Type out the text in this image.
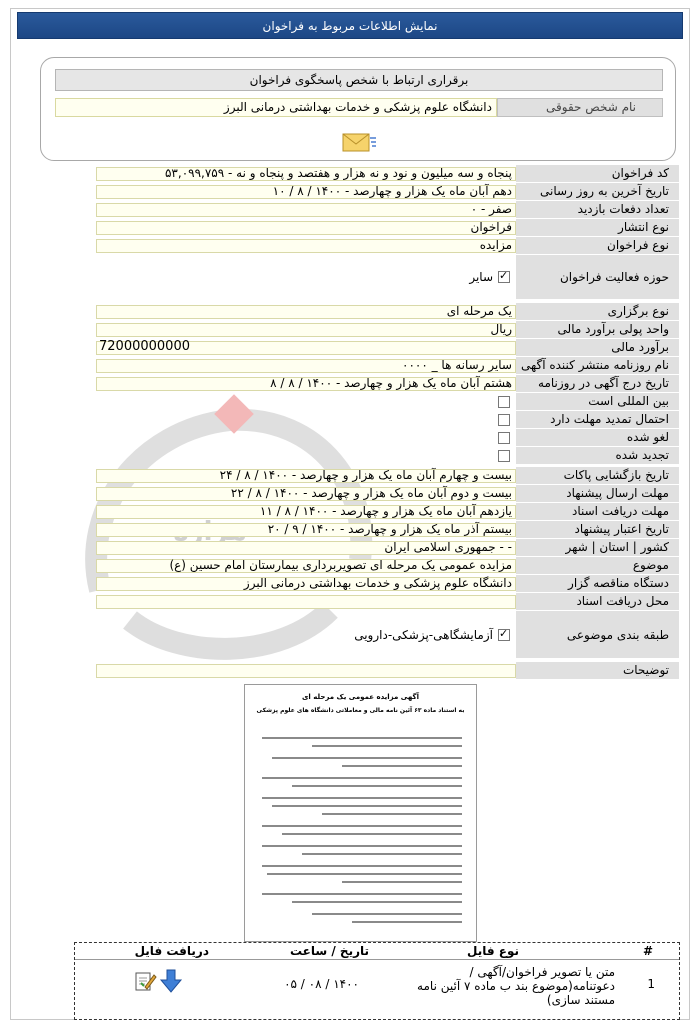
نمایش اطلاعات مربوط به فراخوان
برقراری ارتباط با شخص پاسخگوی فراخوان
نام شخص حقوقی
دانشگاه علوم پزشکی و خدمات بهداشتی درمانی البرز
کد فراخوان
۵۳,۰۹۹,۷۵۹ - پنجاه و سه میلیون و نود و نه هزار و هفتصد و پنجاه و نه
تاریخ آخرین به روز رسانی
۱۰ / ۸ / ۱۴۰۰ - دهم آبان ماه یک هزار و چهارصد
تعداد دفعات بازدید
۰ - صفر
نوع انتشار
فراخوان
نوع فراخوان
مزایده
حوزه فعالیت فراخوان
✓
سایر
نوع برگزاری
یک مرحله ای
واحد پولی برآورد مالی
ریال
برآورد مالی
72000000000
نام روزنامه منتشر کننده آگهی
سایر رسانه ها _ ۰۰۰۰
تاریخ درج آگهی در روزنامه
۸ / ۸ / ۱۴۰۰ - هشتم آبان ماه یک هزار و چهارصد
بین المللی است
احتمال تمدید مهلت دارد
لغو شده
تجدید شده
تاریخ بازگشایی پاکات
۲۴ / ۸ / ۱۴۰۰ - بیست و چهارم آبان ماه یک هزار و چهارصد
مهلت ارسال پیشنهاد
۲۲ / ۸ / ۱۴۰۰ - بیست و دوم آبان ماه یک هزار و چهارصد
مهلت دریافت اسناد
۱۱ / ۸ / ۱۴۰۰ - یازدهم آبان ماه یک هزار و چهارصد
تاریخ اعتبار پیشنهاد
۲۰ / ۹ / ۱۴۰۰ - بیستم آذر ماه یک هزار و چهارصد
کشور | استان | شهر
جمهوری اسلامی ایران - -
موضوع
مزایده عمومی یک مرحله ای تصویربرداری بیمارستان امام حسین (ع)
دستگاه مناقصه گزار
دانشگاه علوم پزشکی و خدمات بهداشتی درمانی البرز
محل دریافت اسناد
طبقه بندی موضوعی
✓
آزمایشگاهی-پزشکی-دارویی
توضیحات
آگهی مزایده عمومی یک مرحله ای
به استناد ماده ۶۳ آئین نامه مالی و معاملاتی دانشگاه های علوم پزشکی
#
نوع فایل
تاریخ / ساعت
دریافت فایل
1
متن یا تصویر فراخوان/آگهی /دعوتنامه(موضوع بند ب ماده ۷ آئین نامه مستند سازی)
۰۵ / ۰۸ / ۱۴۰۰
